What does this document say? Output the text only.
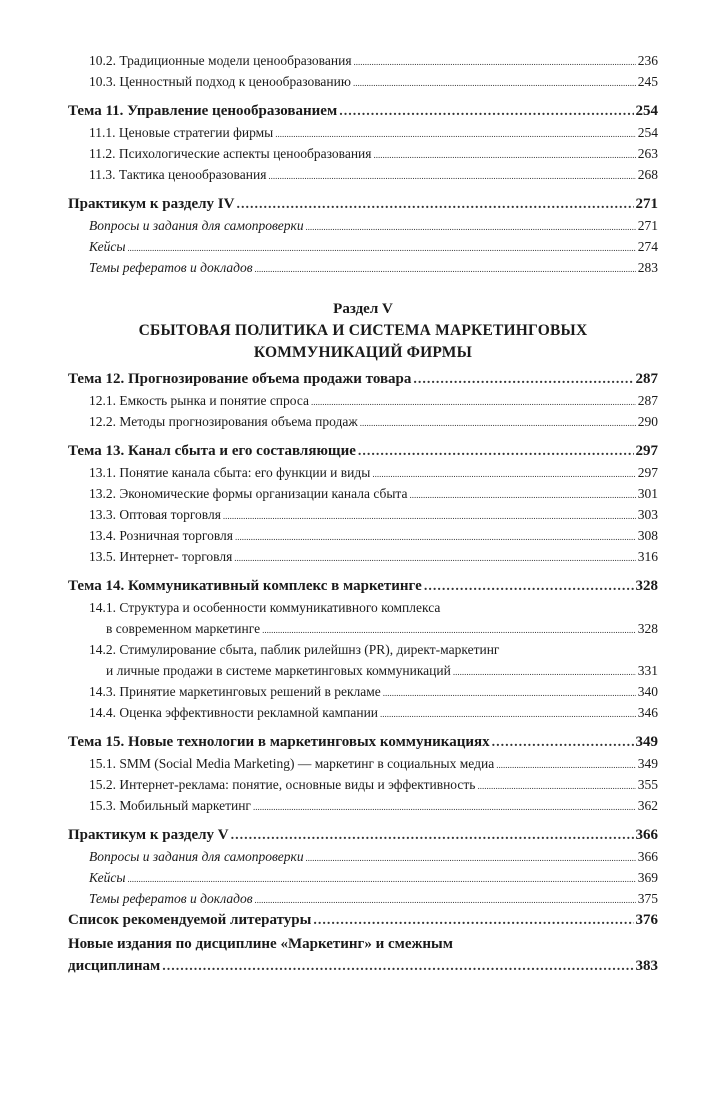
10.2. Традиционные модели ценообразования .....	236
10.3. Ценностный подход к ценообразованию .....	245
Тема 11. Управление ценообразованием .....	254
11.1. Ценовые стратегии фирмы .....	254
11.2. Психологические аспекты ценообразования .....	263
11.3. Тактика ценообразования .....	268
Практикум к разделу IV .....	271
Вопросы и задания для самопроверки .....	271
Кейсы .....	274
Темы рефератов и докладов .....	283
Раздел V
СБЫТОВАЯ ПОЛИТИКА И СИСТЕМА МАРКЕТИНГОВЫХ
КОММУНИКАЦИЙ ФИРМЫ
Тема 12. Прогнозирование объема продажи товара .....	287
12.1. Емкость рынка и понятие спроса .....	287
12.2. Методы прогнозирования объема продаж .....	290
Тема 13. Канал сбыта и его составляющие .....	297
13.1. Понятие канала сбыта: его функции и виды .....	297
13.2. Экономические формы организации канала сбыта .....	301
13.3. Оптовая торговля .....	303
13.4. Розничная торговля .....	308
13.5. Интернет- торговля .....	316
Тема 14. Коммуникативный комплекс в маркетинге .....	328
14.1. Структура и особенности коммуникативного комплекса
в современном маркетинге .....	328
14.2. Стимулирование сбыта, паблик рилейшнз (PR), директ-маркетинг
и личные продажи в системе маркетинговых коммуникаций .....	331
14.3. Принятие маркетинговых решений в рекламе .....	340
14.4. Оценка эффективности рекламной кампании .....	346
Тема 15. Новые технологии в маркетинговых коммуникациях .....	349
15.1. SMM (Social Media Marketing) — маркетинг в социальных медиа .....	349
15.2. Интернет-реклама: понятие, основные виды и эффективность .....	355
15.3. Мобильный маркетинг .....	362
Практикум к разделу V .....	366
Вопросы и задания для самопроверки .....	366
Кейсы .....	369
Темы рефератов и докладов .....	375
Список рекомендуемой литературы .....	376
Новые издания по дисциплине «Маркетинг» и смежным
дисциплинам .....	383
